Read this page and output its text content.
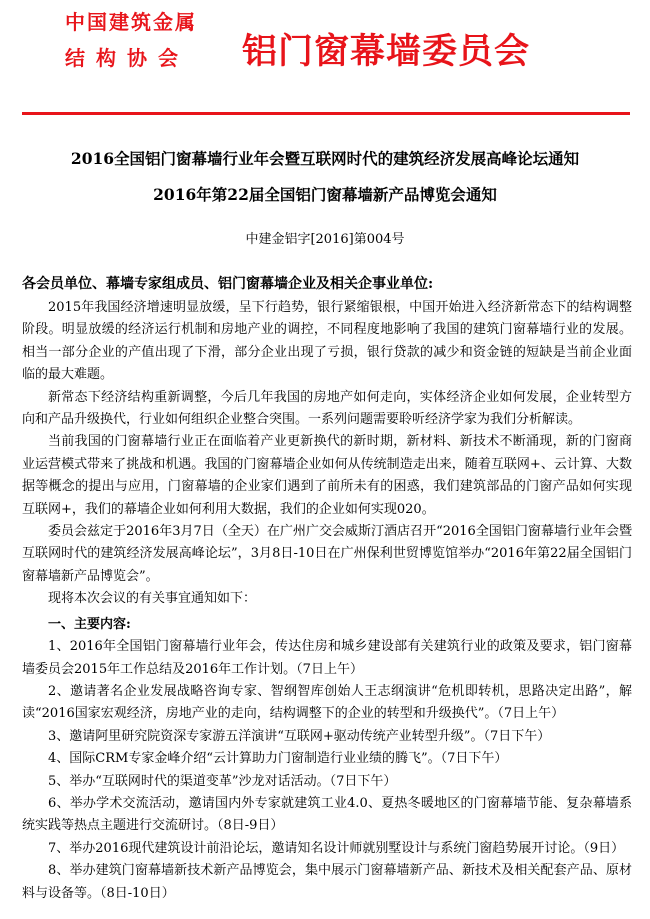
中国建筑金属
结构协会 铝门窗幕墙委员会
2016全国铝门窗幕墙行业年会暨互联网时代的建筑经济发展高峰论坛通知
2016年第22届全国铝门窗幕墙新产品博览会通知
中建金铝字[2016]第004号
各会员单位、幕墙专家组成员、铝门窗幕墙企业及相关企事业单位:

2015年我国经济增速明显放缓，呈下行趋势，银行紧缩银根，中国开始进入经济新常态下的结构调整阶段。明显放缓的经济运行机制和房地产业的调控，不同程度地影响了我国的建筑门窗幕墙行业的发展。相当一部分企业的产值出现了下滑，部分企业出现了亏损，银行贷款的减少和资金链的短缺是当前企业面临的最大难题。

新常态下经济结构重新调整，今后几年我国的房地产如何走向，实体经济企业如何发展，企业转型方向和产品升级换代，行业如何组织企业整合突围。一系列问题需要聆听经济学家为我们分析解读。

当前我国的门窗幕墙行业正在面临着产业更新换代的新时期，新材料、新技术不断涌现，新的门窗商业运营模式带来了挑战和机遇。我国的门窗幕墙企业如何从传统制造走出来，随着互联网+、云计算、大数据等概念的提出与应用，门窗幕墙的企业家们遇到了前所未有的困惑，我们建筑部品的门窗产品如何实现互联网+，我们的幕墙企业如何利用大数据，我们的企业如何实现020。

委员会兹定于2016年3月7日（全天）在广州广交会威斯汀酒店召开“2016全国铝门窗幕墙行业年会暨互联网时代的建筑经济发展高峰论坛”，3月8日-10日在广州保利世贸博览馆举办“2016年第22届全国铝门窗幕墙新产品博览会”。

现将本次会议的有关事宜通知如下：

一、主要内容:

1、2016年全国铝门窗幕墙行业年会，传达住房和城乡建设部有关建筑行业的政策及要求，铝门窗幕墙委员会2015年工作总结及2016年工作计划。（7日上午）

2、邀请著名企业发展战略咨询专家、智纲智库创始人王志纲演讲“危机即转机，思路决定出路”，解读“2016国家宏观经济，房地产业的走向，结构调整下的企业的转型和升级换代”。（7日上午）

3、邀请阿里研究院资深专家游五洋演讲“互联网+驱动传统产业转型升级”。（7日下午）

4、国际CRM专家金峰介绍“云计算助力门窗制造行业业绩的腾飞”。（7日下午）

5、举办“互联网时代的渠道变革”沙龙对话活动。（7日下午）

6、举办学术交流活动，邀请国内外专家就建筑工业4.0、夏热冬暖地区的门窗幕墙节能、复杂幕墙系统实践等热点主题进行交流研讨。（8日-9日）

7、举办2016现代建筑设计前沿论坛，邀请知名设计师就别墅设计与系统门窗趋势展开讨论。（9日）

8、举办建筑门窗幕墙新技术新产品博览会，集中展示门窗幕墙新产品、新技术及相关配套产品、原材料与设备等。（8日-10日）
